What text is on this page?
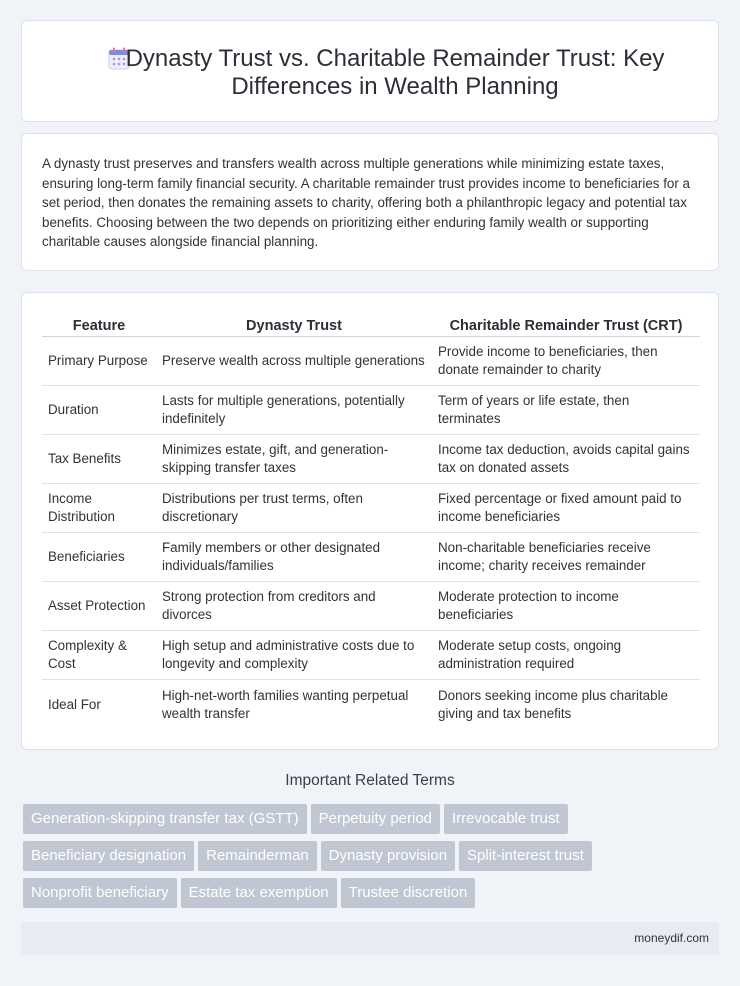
Dynasty Trust vs. Charitable Remainder Trust: Key Differences in Wealth Planning

A dynasty trust preserves and transfers wealth across multiple generations while minimizing estate taxes, ensuring long-term family financial security. A charitable remainder trust provides income to beneficiaries for a set period, then donates the remaining assets to charity, offering both a philanthropic legacy and potential tax benefits. Choosing between the two depends on prioritizing either enduring family wealth or supporting charitable causes alongside financial planning.

Feature	Dynasty Trust	Charitable Remainder Trust (CRT)
Primary Purpose	Preserve wealth across multiple generations	Provide income to beneficiaries, then donate remainder to charity
Duration	Lasts for multiple generations, potentially indefinitely	Term of years or life estate, then terminates
Tax Benefits	Minimizes estate, gift, and generation-skipping transfer taxes	Income tax deduction, avoids capital gains tax on donated assets
Income Distribution	Distributions per trust terms, often discretionary	Fixed percentage or fixed amount paid to income beneficiaries
Beneficiaries	Family members or other designated individuals/families	Non-charitable beneficiaries receive income; charity receives remainder
Asset Protection	Strong protection from creditors and divorces	Moderate protection to income beneficiaries
Complexity & Cost	High setup and administrative costs due to longevity and complexity	Moderate setup costs, ongoing administration required
Ideal For	High-net-worth families wanting perpetual wealth transfer	Donors seeking income plus charitable giving and tax benefits
Important Related Terms
Generation-skipping transfer tax (GSTT) Perpetuity period Irrevocable trustBeneficiary designation Remainderman Dynasty provision Split-interest trustNonprofit beneficiary Estate tax exemption Trustee discretion
moneydif.com
